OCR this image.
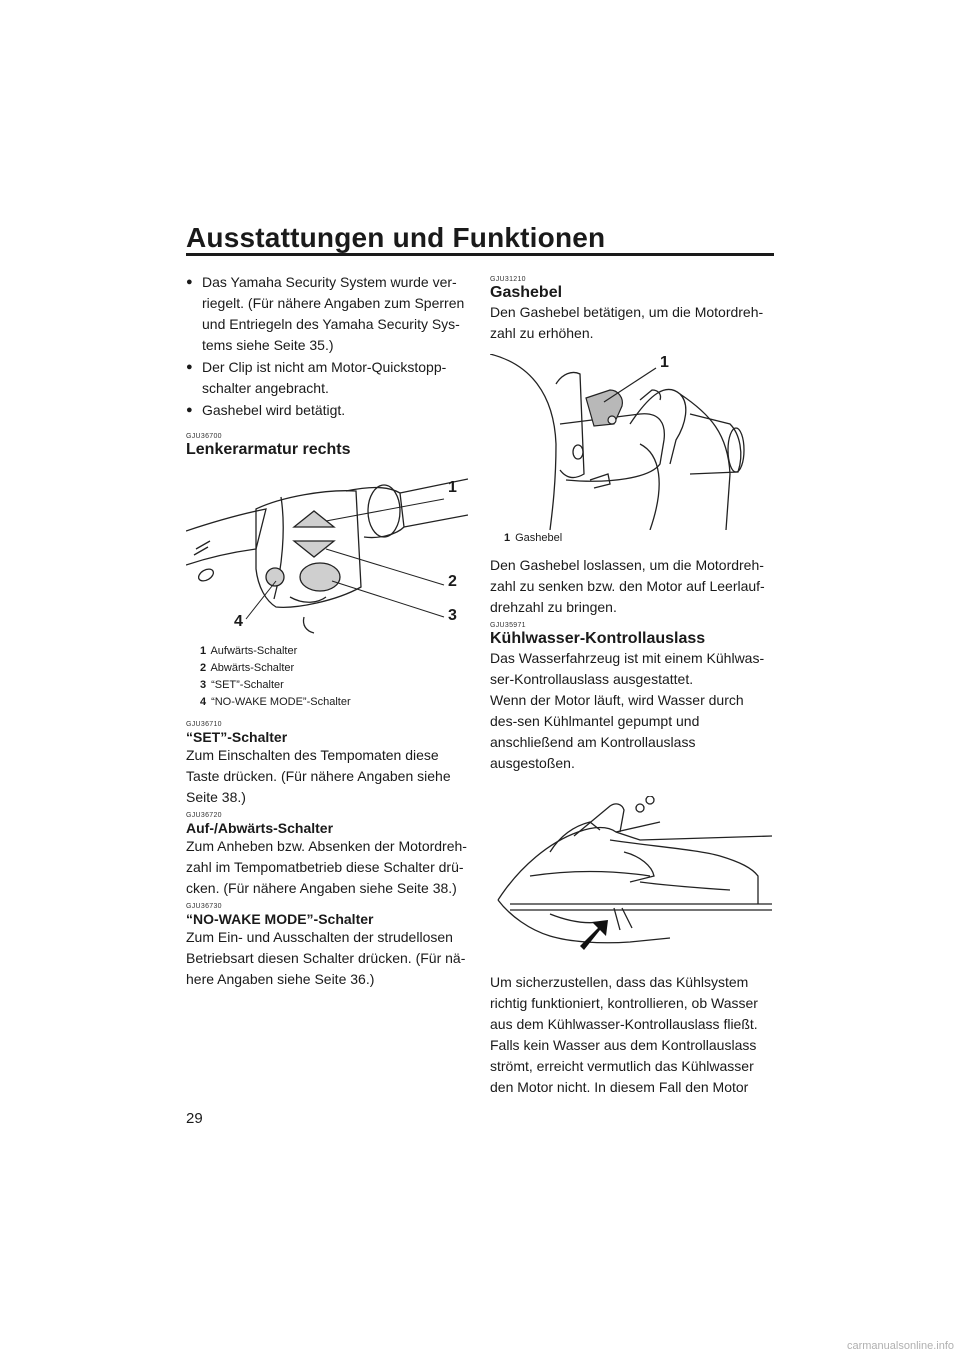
Ausstattungen und Funktionen
● Das Yamaha Security System wurde ver-riegelt. (Für nähere Angaben zum Sperren und Entriegeln des Yamaha Security Sys-tems siehe Seite 35.)
● Der Clip ist nicht am Motor-Quickstopp-schalter angebracht.
● Gashebel wird betätigt.
GJU36700
Lenkerarmatur rechts
1
2
3
4
1 Aufwärts-Schalter
2 Abwärts-Schalter
3 “SET”-Schalter
4 “NO-WAKE MODE”-Schalter
GJU36710
“SET”-Schalter
Zum Einschalten des Tempomaten diese Taste drücken. (Für nähere Angaben siehe Seite 38.)
GJU36720
Auf-/Abwärts-Schalter
Zum Anheben bzw. Absenken der Motordreh-zahl im Tempomatbetrieb diese Schalter drü-cken. (Für nähere Angaben siehe Seite 38.)
GJU36730
“NO-WAKE MODE”-Schalter
Zum Ein- und Ausschalten der strudellosen Betriebsart diesen Schalter drücken. (Für nä-here Angaben siehe Seite 36.)
GJU31210
Gashebel
Den Gashebel betätigen, um die Motordreh-zahl zu erhöhen.
1
1 Gashebel
Den Gashebel loslassen, um die Motordreh-zahl zu senken bzw. den Motor auf Leerlauf-drehzahl zu bringen.
GJU35971
Kühlwasser-Kontrollauslass
Das Wasserfahrzeug ist mit einem Kühlwas-ser-Kontrollauslass ausgestattet.
Wenn der Motor läuft, wird Wasser durch des-sen Kühlmantel gepumpt und anschließend am Kontrollauslass ausgestoßen.
Um sicherzustellen, dass das Kühlsystem richtig funktioniert, kontrollieren, ob Wasser aus dem Kühlwasser-Kontrollauslass fließt. Falls kein Wasser aus dem Kontrollauslass strömt, erreicht vermutlich das Kühlwasser den Motor nicht. In diesem Fall den Motor
29
carmanualsonline.info
